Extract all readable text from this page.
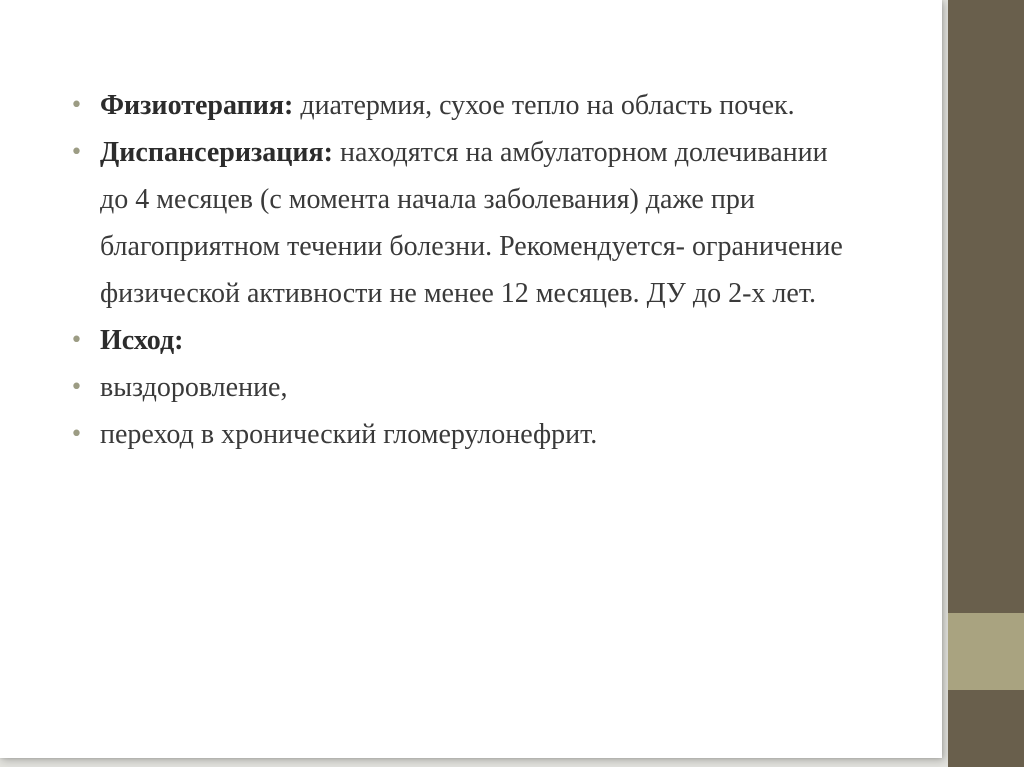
• Физиотерапия: диатермия, сухое тепло на область почек.
• Диспансеризация: находятся на амбулаторном долечивании до 4 месяцев (с момента начала заболевания) даже при благоприятном течении болезни. Рекомендуется- ограничение физической активности не менее 12 месяцев. ДУ до 2-х лет.
• Исход:
• выздоровление,
• переход в хронический гломерулонефрит.
